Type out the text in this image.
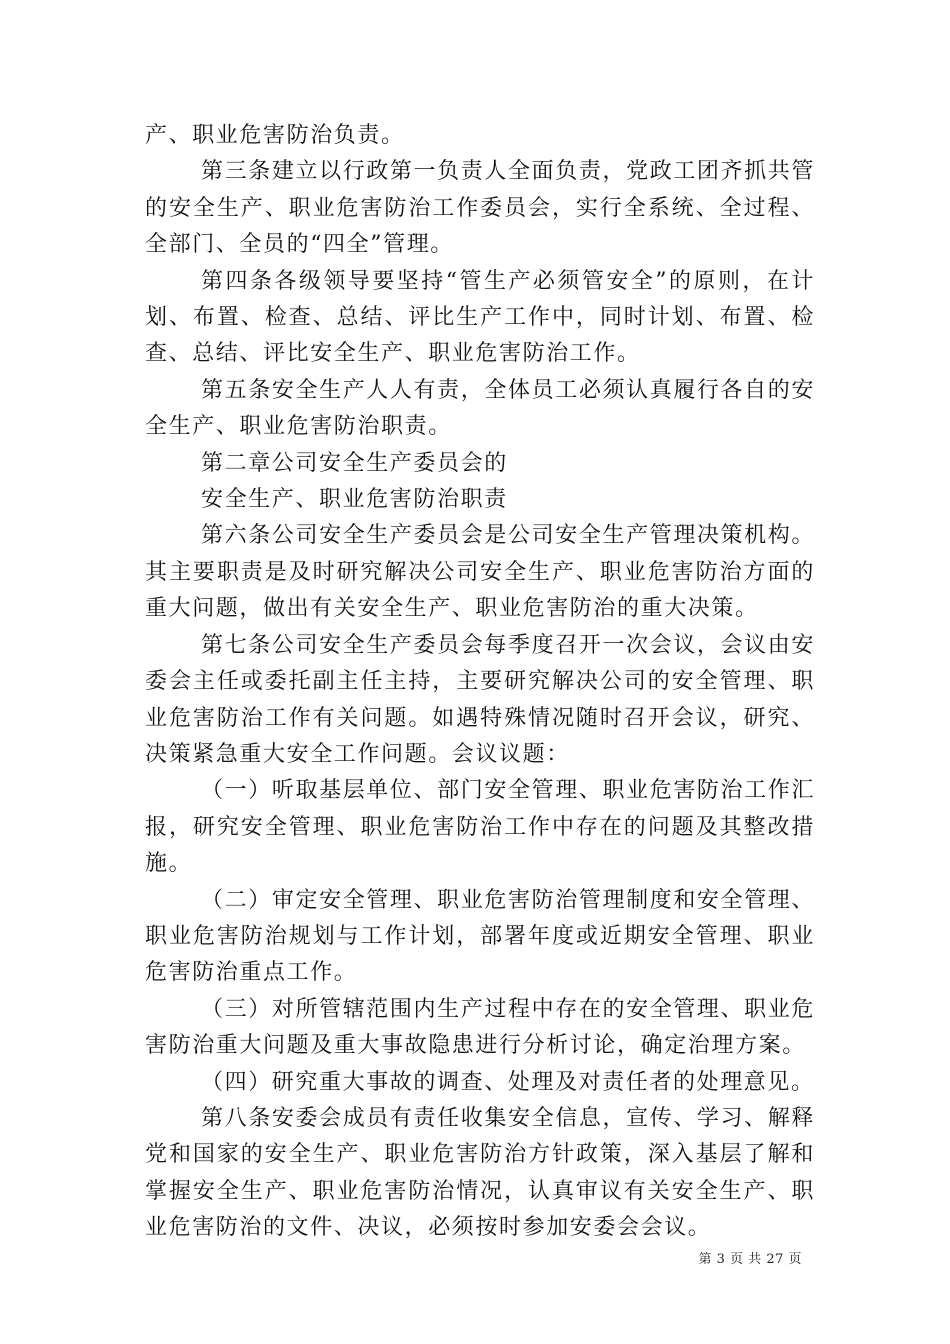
产、职业危害防治负责。

第三条建立以行政第一负责人全面负责，党政工团齐抓共管的安全生产、职业危害防治工作委员会，实行全系统、全过程、全部门、全员的“四全”管理。

第四条各级领导要坚持“管生产必须管安全”的原则，在计划、布置、检查、总结、评比生产工作中，同时计划、布置、检查、总结、评比安全生产、职业危害防治工作。

第五条安全生产人人有责，全体员工必须认真履行各自的安全生产、职业危害防治职责。

第二章公司安全生产委员会的

安全生产、职业危害防治职责

第六条公司安全生产委员会是公司安全生产管理决策机构。其主要职责是及时研究解决公司安全生产、职业危害防治方面的重大问题，做出有关安全生产、职业危害防治的重大决策。

第七条公司安全生产委员会每季度召开一次会议，会议由安委会主任或委托副主任主持，主要研究解决公司的安全管理、职业危害防治工作有关问题。如遇特殊情况随时召开会议，研究、决策紧急重大安全工作问题。会议议题：

（一）听取基层单位、部门安全管理、职业危害防治工作汇报，研究安全管理、职业危害防治工作中存在的问题及其整改措施。

（二）审定安全管理、职业危害防治管理制度和安全管理、职业危害防治规划与工作计划，部署年度或近期安全管理、职业危害防治重点工作。

（三）对所管辖范围内生产过程中存在的安全管理、职业危害防治重大问题及重大事故隐患进行分析讨论，确定治理方案。

（四）研究重大事故的调查、处理及对责任者的处理意见。

第八条安委会成员有责任收集安全信息，宣传、学习、解释党和国家的安全生产、职业危害防治方针政策，深入基层了解和掌握安全生产、职业危害防治情况，认真审议有关安全生产、职业危害防治的文件、决议，必须按时参加安委会会议。

第 3 页 共 27 页
